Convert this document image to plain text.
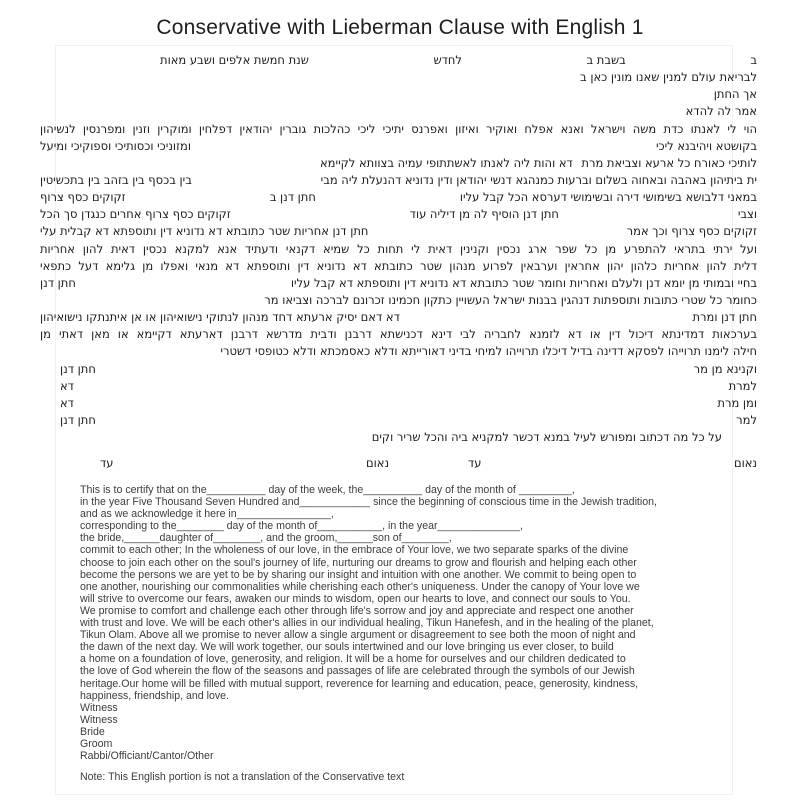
Conservative with Lieberman Clause with English 1
ב
בשבת ב
לחדש
שנת חמשת אלפים ושבע מאות
לבריאת עולם למנין שאנו מונין כאן ב
אך החתן
אמר לה להדא
הוי לי לאנתו כדת משה וישראל ואנא אפלח ואוקיר ואיזון ואפרנס יתיכי ליכי כהלכות גוברין יהודאין דפלחין ומוקרין וזנין ומפרנסין לנשיהון
בקושטא ויהיבנא ליכי
ומזוניכי וכסותיכי וספוקיכי ומיעל
לותיכי כאורח כל ארעא וצביאת מרת
דא והות ליה לאנתו לאשתתופי עמיה בצוותא לקיימא
ית ביתיהון באהבה ובאחוה בשלום וברעות כמנהגא דנשי יהודאן ודין נדוניא דהנעלת ליה מבי
בין בכסף בין בזהב בין בתכשיטין
במאני דלבושא בשימושי דירה ובשימושי דערסא הכל קבל עליו
חתן דנן ב
זקוקים כסף צרוף
וצבי
חתן דנן הוסיף לה מן דיליה עוד
זקוקים כסף צרוף אחרים כנגדן סך הכל
זקוקים כסף צרוף וכך אמר
חתן דנן אחריות שטר כתובתא דא נדוניא דין ותוספתא דא קבלית עלי
ועל ירתי בתראי להתפרע מן כל שפר ארג נכסין וקנינין דאית לי תחות כל שמיא דקנאי ודעתיד אנא למקנא נכסין דאית להון אחריות
דלית להון אחריות כלהון יהון אחראין וערבאין לפרוע מנהון שטר כתובתא דא נדוניא דין ותוספתא דא מנאי ואפלו מן גלימא דעל כתפאי
בחיי ובמותי מן יומא דנן ולעלם ואחריות וחומר שטר כתובתא דא נדוניא דין ותוספתא דא קבל עליו
חתן דנן
כחומר כל שטרי כתובות ותוספתות דנהגין בבנות ישראל העשויין כתקון חכמינו זכרונם לברכה וצביאו מר
חתן דנן ומרת
דא דאם יסיק ארעתא דחד מנהון לנתוקי נישואיהון או אן איתנתקו נישואיהון
בערכאות דמדינתא דיכול דין או דא לזמנא לחבריה לבי דינא דכנישתא דרבנן ודבית מדרשא דרבנן דארעתא דקיימא או מאן דאתי מן
חילה לימנו תרוייהו לפסקא דדינה בדיל דיכלו תרוייהו למיחי בדיני דאורייתא ודלא כאסמכתא ודלא כטופסי דשטרי
וקנינא מן מר
חתן דנן
למרת
דא
ומן מרת
דא
למר
חתן דנן
על כל מה דכתוב ומפורש לעיל במנא דכשר למקניא ביה והכל שריר וקים
נאום
עד
נאום
עד
This is to certify that on the__________ day of the week, the__________ day of the month of _________,
in the year Five Thousand Seven Hundred and____________ since the beginning of conscious time in the Jewish tradition,
and as we acknowledge it here in________________,
corresponding to the________ day of the month of___________, in the year______________,
the bride,______daughter of________, and the groom,______son of________,
commit to each other; In the wholeness of our love, in the embrace of Your love, we two separate sparks of the divine
choose to join each other on the soul's journey of life, nurturing our dreams to grow and flourish and helping each other
become the persons we are yet to be by sharing our insight and intuition with one another. We commit to being open to
one another, nourishing our commonalities while cherishing each other's uniqueness. Under the canopy of Your love we
will strive to overcome our fears, awaken our minds to wisdom, open our hearts to love, and connect our souls to You.
We promise to comfort and challenge each other through life's sorrow and joy and appreciate and respect one another
with trust and love. We will be each other's allies in our individual healing, Tikun Hanefesh, and in the healing of the planet,
Tikun Olam. Above all we promise to never allow a single argument or disagreement to see both the moon of night and
the dawn of the next day. We will work together, our souls intertwined and our love bringing us ever closer, to build
a home on a foundation of love, generosity, and religion. It will be a home for ourselves and our children dedicated to
the love of God wherein the flow of the seasons and passages of life are celebrated through the symbols of our Jewish
heritage.Our home will be filled with mutual support, reverence for learning and education, peace, generosity, kindness,
happiness, friendship, and love.
Witness
Witness
Bride
Groom
Rabbi/Officiant/Cantor/Other
Note: This English portion is not a translation of the Conservative text
